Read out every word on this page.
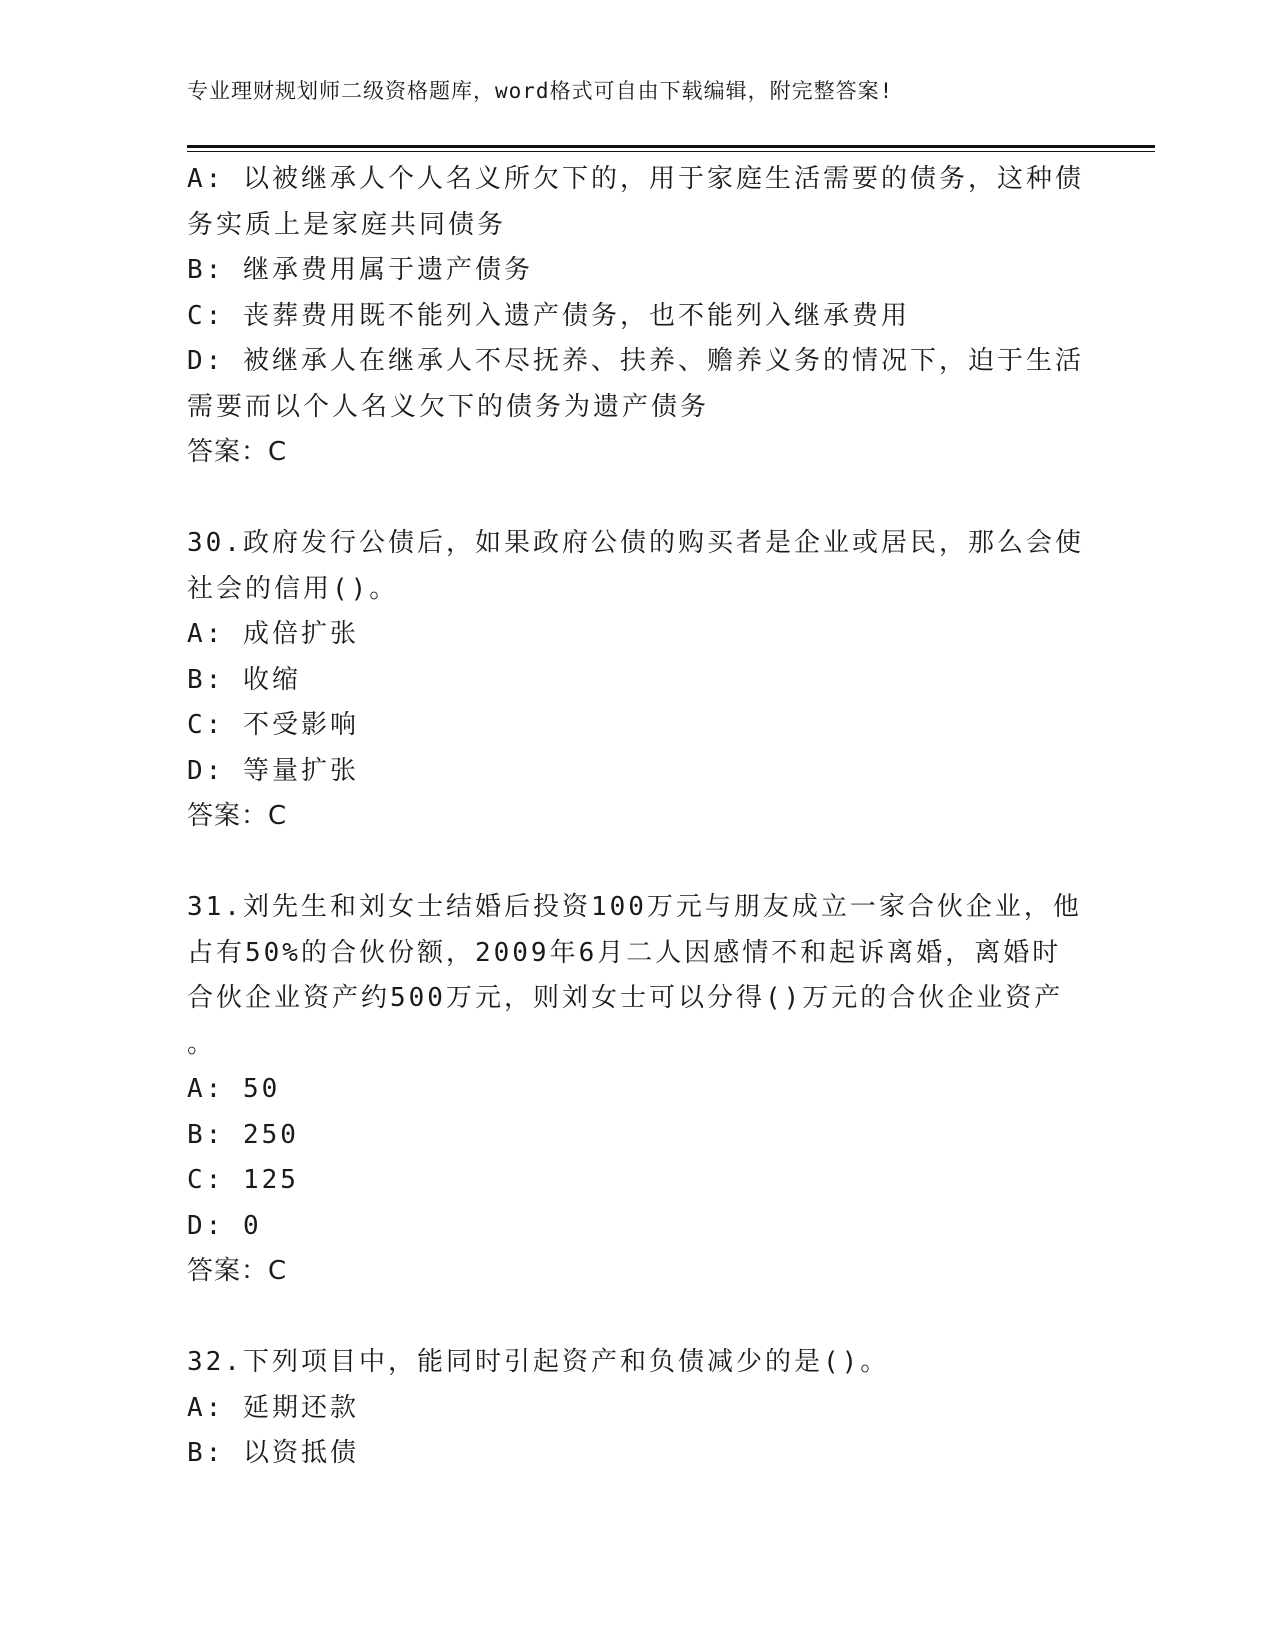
专业理财规划师二级资格题库，word格式可自由下载编辑，附完整答案!
A: 以被继承人个人名义所欠下的，用于家庭生活需要的债务，这种债
务实质上是家庭共同债务
B: 继承费用属于遗产债务
C: 丧葬费用既不能列入遗产债务，也不能列入继承费用
D: 被继承人在继承人不尽抚养、扶养、赡养义务的情况下，迫于生活
需要而以个人名义欠下的债务为遗产债务
答案：C
30.政府发行公债后，如果政府公债的购买者是企业或居民，那么会使
社会的信用()。
A: 成倍扩张
B: 收缩
C: 不受影响
D: 等量扩张
答案：C
31.刘先生和刘女士结婚后投资100万元与朋友成立一家合伙企业，他
占有50%的合伙份额，2009年6月二人因感情不和起诉离婚，离婚时
合伙企业资产约500万元，则刘女士可以分得()万元的合伙企业资产
。
A: 50
B: 250
C: 125
D: 0
答案：C
32.下列项目中，能同时引起资产和负债减少的是()。
A: 延期还款
B: 以资抵债
